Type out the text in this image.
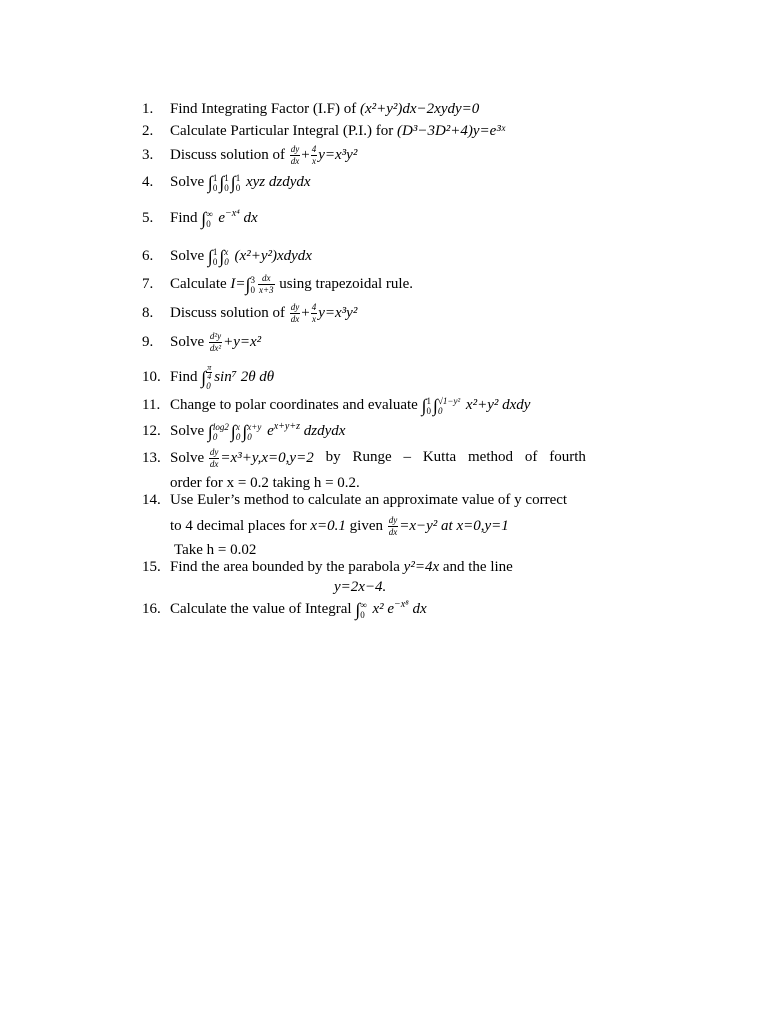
1. Find Integrating Factor (I.F) of (x²+y²)dx−2xydy=0
2. Calculate Particular Integral (P.I.) for (D³−3D²+4)y=e³ˣ
3. Discuss solution of $\frac{dy}{dx} + \frac{4}{x} y=x^3y^2$
4. Solve ∫ 1
0 ∫ 1
0 ∫ 1
0 xyz dzdydx
5. Find ∫ ∞
0 $e^{-x^4}$ dx
6. Solve ∫ 1
0 ∫ x
0 (x²+y²)xdydx
7. Calculate I=∫ 3
$0 \frac{dx}{x+3}$ using trapezoidal rule.
8. Discuss solution of $\frac{dy}{dx} + \frac{4}{x} y=x^3y^2$
9. Solve $\frac{\text{d²y}}{\text{dx²}} +y=x^2$
10. Find ∫ π
4
0
sin⁷ 2θ dθ
11. Change to polar coordinates and evaluate ∫ 1
0 ∫ √1−y²
0	x²+y² dxdy
12. Solve ∫ log2
0 ∫ x
0 ∫ x+y
0	$e^{x+y+z}$ dzdydx
13. Solve $\frac{dy}{dx} =x^3+y,x=0,y=2$ by Runge – Kutta method of fourth
order for x = 0.2 taking h = 0.2.
14. Use Euler’s method to calculate an approximate value of y correct
to 4 decimal places for x=0.1 given $\frac{dy}{dx} =x-y^2$ at x=0,y=1
Take h = 0.02
15. Find the area bounded by the parabola y²=4x and the line
y=2x−4.
16. Calculate the value of Integral ∫ ∞
0 x² $e^{-x^8}$ dx
